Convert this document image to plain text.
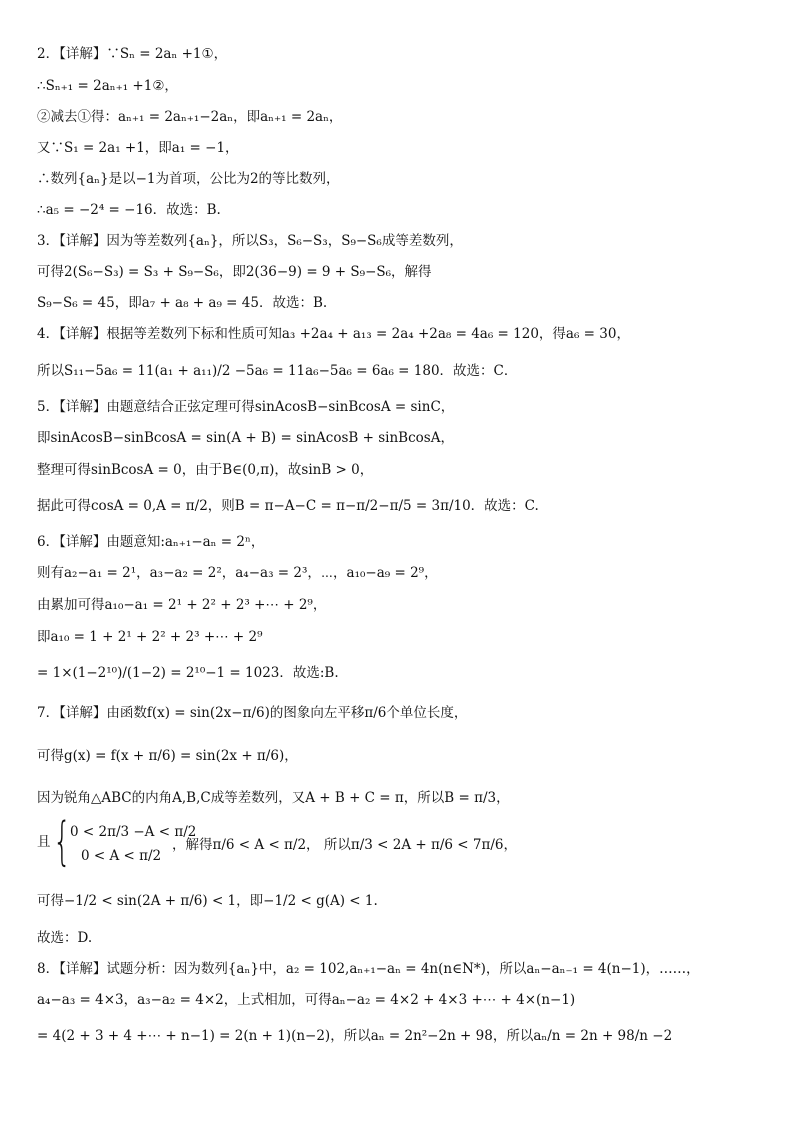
2．【详解】∵Sₙ = 2aₙ +1①，
∴Sₙ₊₁ = 2aₙ₊₁ +1②，
②减去①得：aₙ₊₁ = 2aₙ₊₁−2aₙ，即aₙ₊₁ = 2aₙ，
又∵S₁ = 2a₁ +1，即a₁ = −1，
∴数列{aₙ}是以−1为首项，公比为2的等比数列，
∴a₅ = −2⁴ = −16．故选：B.
3．【详解】因为等差数列{aₙ}，所以S₃，S₆−S₃，S₉−S₆成等差数列，
可得2(S₆−S₃) = S₃ + S₉−S₆，即2(36−9) = 9 + S₉−S₆，解得
S₉−S₆ = 45，即a₇ + a₈ + a₉ = 45．故选：B.
4．【详解】根据等差数列下标和性质可知a₃ +2a₄ + a₁₃ = 2a₄ +2a₈ = 4a₆ = 120，得a₆ = 30，
所以S₁₁−5a₆ = 11(a₁ + a₁₁)/2 −5a₆ = 11a₆−5a₆ = 6a₆ = 180．故选：C．
5．【详解】由题意结合正弦定理可得sinAcosB−sinBcosA = sinC，
即sinAcosB−sinBcosA = sin(A + B) = sinAcosB + sinBcosA，
整理可得sinBcosA = 0，由于B∈(0,π)，故sinB > 0，
据此可得cosA = 0,A = π/2，则B = π−A−C = π−π/2−π/5 = 3π/10．故选：C.
6．【详解】由题意知:aₙ₊₁−aₙ = 2ⁿ，
则有a₂−a₁ = 2¹，a₃−a₂ = 2²，a₄−a₃ = 2³，⋯，a₁₀−a₉ = 2⁹，
由累加可得a₁₀−a₁ = 2¹ + 2² + 2³ +⋯ + 2⁹，
即a₁₀ = 1 + 2¹ + 2² + 2³ +⋯ + 2⁹
= 1×(1−2¹⁰)/(1−2) = 2¹⁰−1 = 1023．故选:B.
7．【详解】由函数f(x) = sin(2x−π/6)的图象向左平移π/6个单位长度，
可得g(x) = f(x + π/6) = sin(2x + π/6)，
因为锐角△ABC的内角A,B,C成等差数列，又A + B + C = π，所以B = π/3，
且 {
0 < 2π/3 −A < π/2
0 < A < π/2
，解得π/6 < A < π/2， 所以π/3 < 2A + π/6 < 7π/6，
可得−1/2 < sin(2A + π/6) < 1，即−1/2 < g(A) < 1.
故选：D.
8．【详解】试题分析：因为数列{aₙ}中，a₂ = 102,aₙ₊₁−aₙ = 4n(n∈N*)，所以aₙ−aₙ₋₁ = 4(n−1)，……，
a₄−a₃ = 4×3，a₃−a₂ = 4×2，上式相加，可得aₙ−a₂ = 4×2 + 4×3 +⋯ + 4×(n−1)
= 4(2 + 3 + 4 +⋯ + n−1) = 2(n + 1)(n−2)，所以aₙ = 2n²−2n + 98，所以aₙ/n = 2n + 98/n −2
